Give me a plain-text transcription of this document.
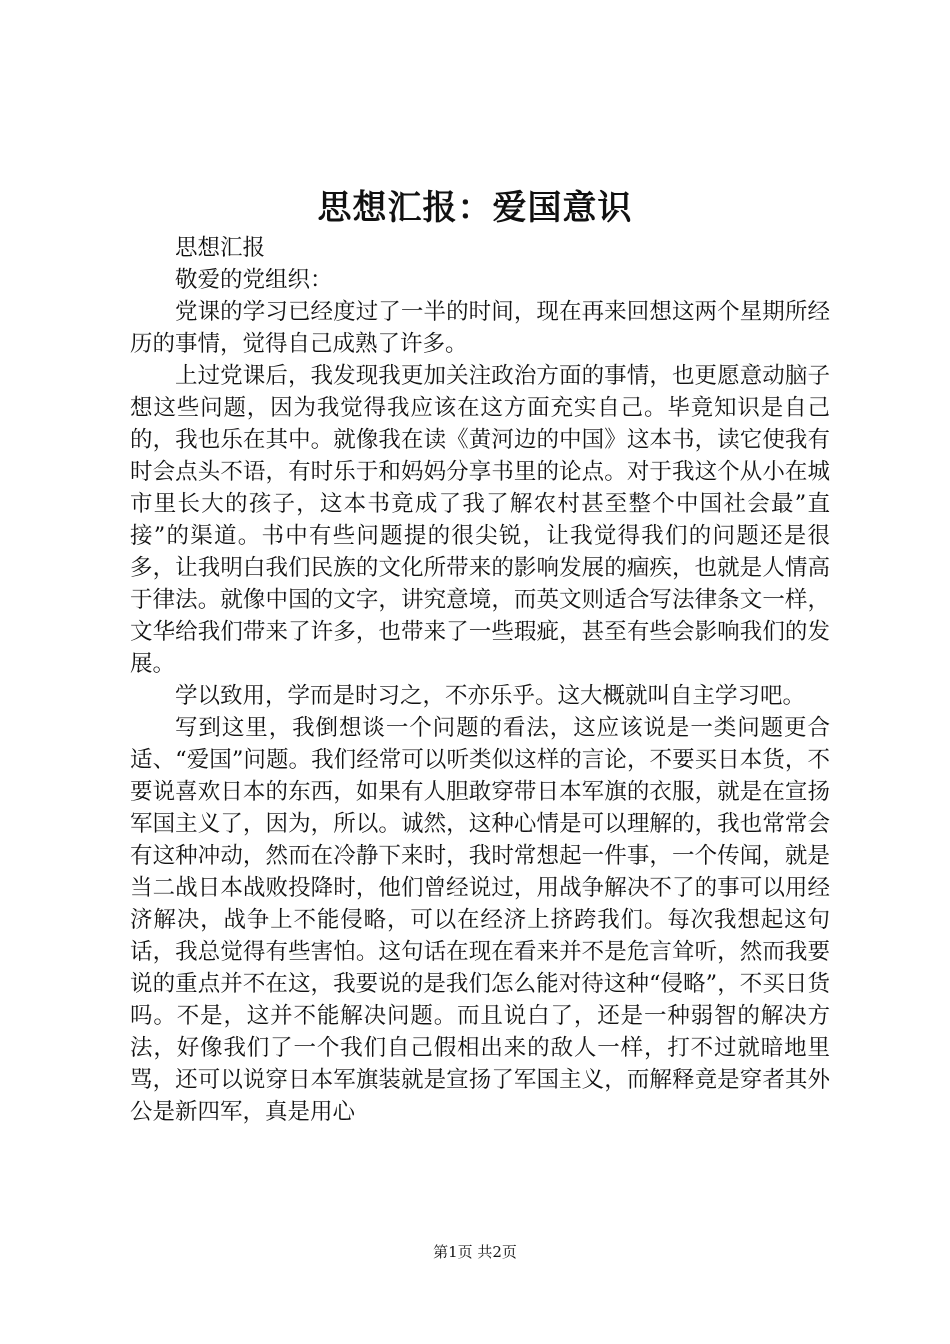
思想汇报：爱国意识

思想汇报

敬爱的党组织：

党课的学习已经度过了一半的时间，现在再来回想这两个星期所经历的事情，觉得自己成熟了许多。

上过党课后，我发现我更加关注政治方面的事情，也更愿意动脑子想这些问题，因为我觉得我应该在这方面充实自己。毕竟知识是自己的，我也乐在其中。就像我在读《黄河边的中国》这本书，读它使我有时会点头不语，有时乐于和妈妈分享书里的论点。对于我这个从小在城市里长大的孩子，这本书竟成了我了解农村甚至整个中国社会最”直接”的渠道。书中有些问题提的很尖锐，让我觉得我们的问题还是很多，让我明白我们民族的文化所带来的影响发展的痼疾，也就是人情高于律法。就像中国的文字，讲究意境，而英文则适合写法律条文一样，文华给我们带来了许多，也带来了一些瑕疵，甚至有些会影响我们的发展。

学以致用，学而是时习之，不亦乐乎。这大概就叫自主学习吧。

写到这里，我倒想谈一个问题的看法，这应该说是一类问题更合适、“爱国”问题。我们经常可以听类似这样的言论，不要买日本货，不要说喜欢日本的东西，如果有人胆敢穿带日本军旗的衣服，就是在宣扬军国主义了，因为，所以。诚然，这种心情是可以理解的，我也常常会有这种冲动，然而在冷静下来时，我时常想起一件事，一个传闻，就是当二战日本战败投降时，他们曾经说过，用战争解决不了的事可以用经济解决，战争上不能侵略，可以在经济上挤跨我们。每次我想起这句话，我总觉得有些害怕。这句话在现在看来并不是危言耸听，然而我要说的重点并不在这，我要说的是我们怎么能对待这种“侵略”，不买日货吗。不是，这并不能解决问题。而且说白了，还是一种弱智的解决方法，好像我们了一个我们自己假相出来的敌人一样，打不过就暗地里骂，还可以说穿日本军旗装就是宣扬了军国主义，而解释竟是穿者其外公是新四军，真是用心

第1页 共2页
